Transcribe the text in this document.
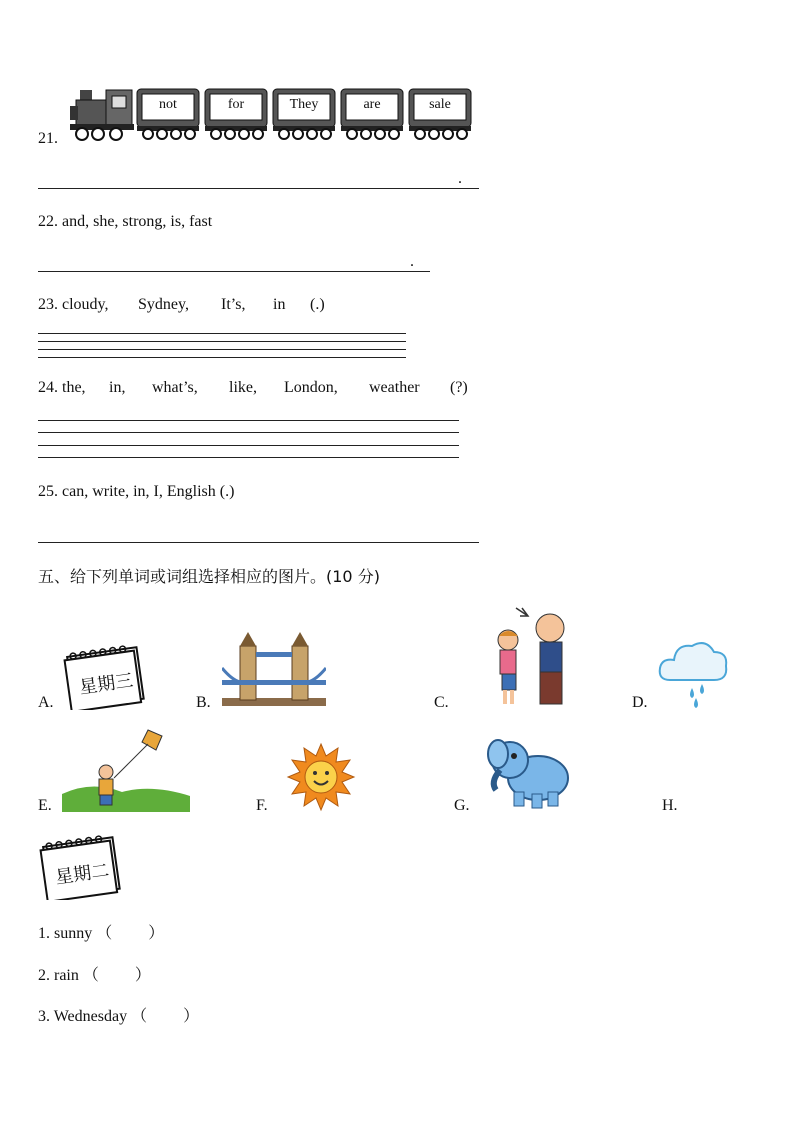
21.
not	for	They	are	sale
.
22. and, she, strong, is, fast
.
23. cloudy, Sydney, It’s, in (.)
24. the, in, what’s, like, London, weather (?)
25. can, write, in, I, English (.)
五、给下列单词或词组选择相应的图片。(10 分)
A.
星期三
B.	C.	D.
E.	F.	G.	H.
星期二
1. sunny （　　 ）
2. rain （　　 ）
3. Wednesday （　　 ）
